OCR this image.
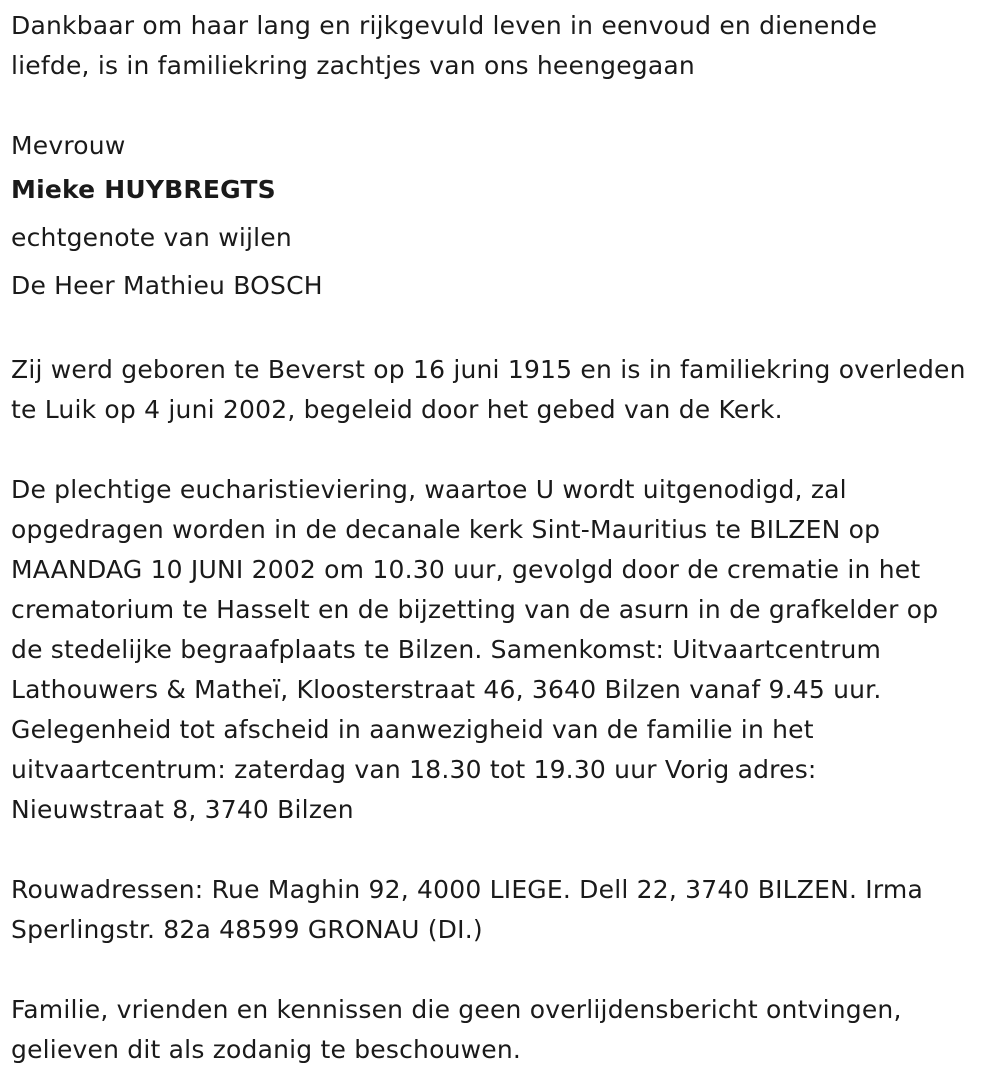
Dankbaar om haar lang en rijkgevuld leven in eenvoud en dienende
liefde, is in familiekring zachtjes van ons heengegaan
Mevrouw
Mieke HUYBREGTS
echtgenote van wijlen
De Heer Mathieu BOSCH
Zij werd geboren te Beverst op 16 juni 1915 en is in familiekring overleden
te Luik op 4 juni 2002, begeleid door het gebed van de Kerk.
De plechtige eucharistieviering, waartoe U wordt uitgenodigd, zal
opgedragen worden in de decanale kerk Sint-Mauritius te BILZEN op
MAANDAG 10 JUNI 2002 om 10.30 uur, gevolgd door de crematie in het
crematorium te Hasselt en de bijzetting van de asurn in de grafkelder op
de stedelijke begraafplaats te Bilzen. Samenkomst: Uitvaartcentrum
Lathouwers & Matheï, Kloosterstraat 46, 3640 Bilzen vanaf 9.45 uur.
Gelegenheid tot afscheid in aanwezigheid van de familie in het
uitvaartcentrum: zaterdag van 18.30 tot 19.30 uur Vorig adres:
Nieuwstraat 8, 3740 Bilzen
Rouwadressen: Rue Maghin 92, 4000 LIEGE. Dell 22, 3740 BILZEN. Irma
Sperlingstr. 82a 48599 GRONAU (DI.)
Familie, vrienden en kennissen die geen overlijdensbericht ontvingen,
gelieven dit als zodanig te beschouwen.
